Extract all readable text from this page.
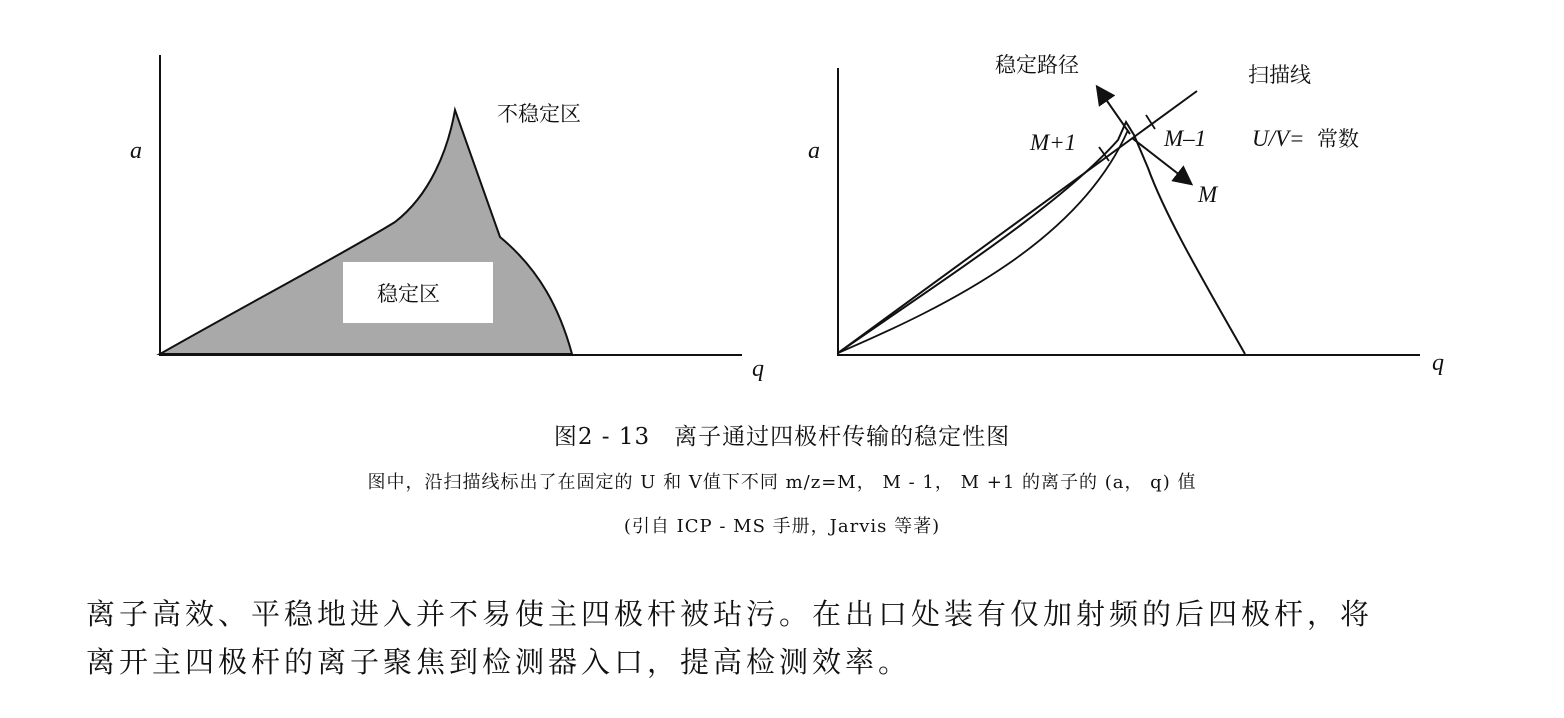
a
q
不稳定区
稳定区
a
q
稳定路径	扫描线
M+1	M–1
M
U/V= 常数
图2 - 13　离子通过四极杆传输的稳定性图
图中，沿扫描线标出了在固定的 U 和 V值下不同 m/z=M， M - 1， M +1 的离子的 (a， q) 值
(引自 ICP - MS 手册，Jarvis 等著)
离子高效、平稳地进入并不易使主四极杆被玷污。在出口处装有仅加射频的后四极杆，将
离开主四极杆的离子聚焦到检测器入口，提高检测效率。
